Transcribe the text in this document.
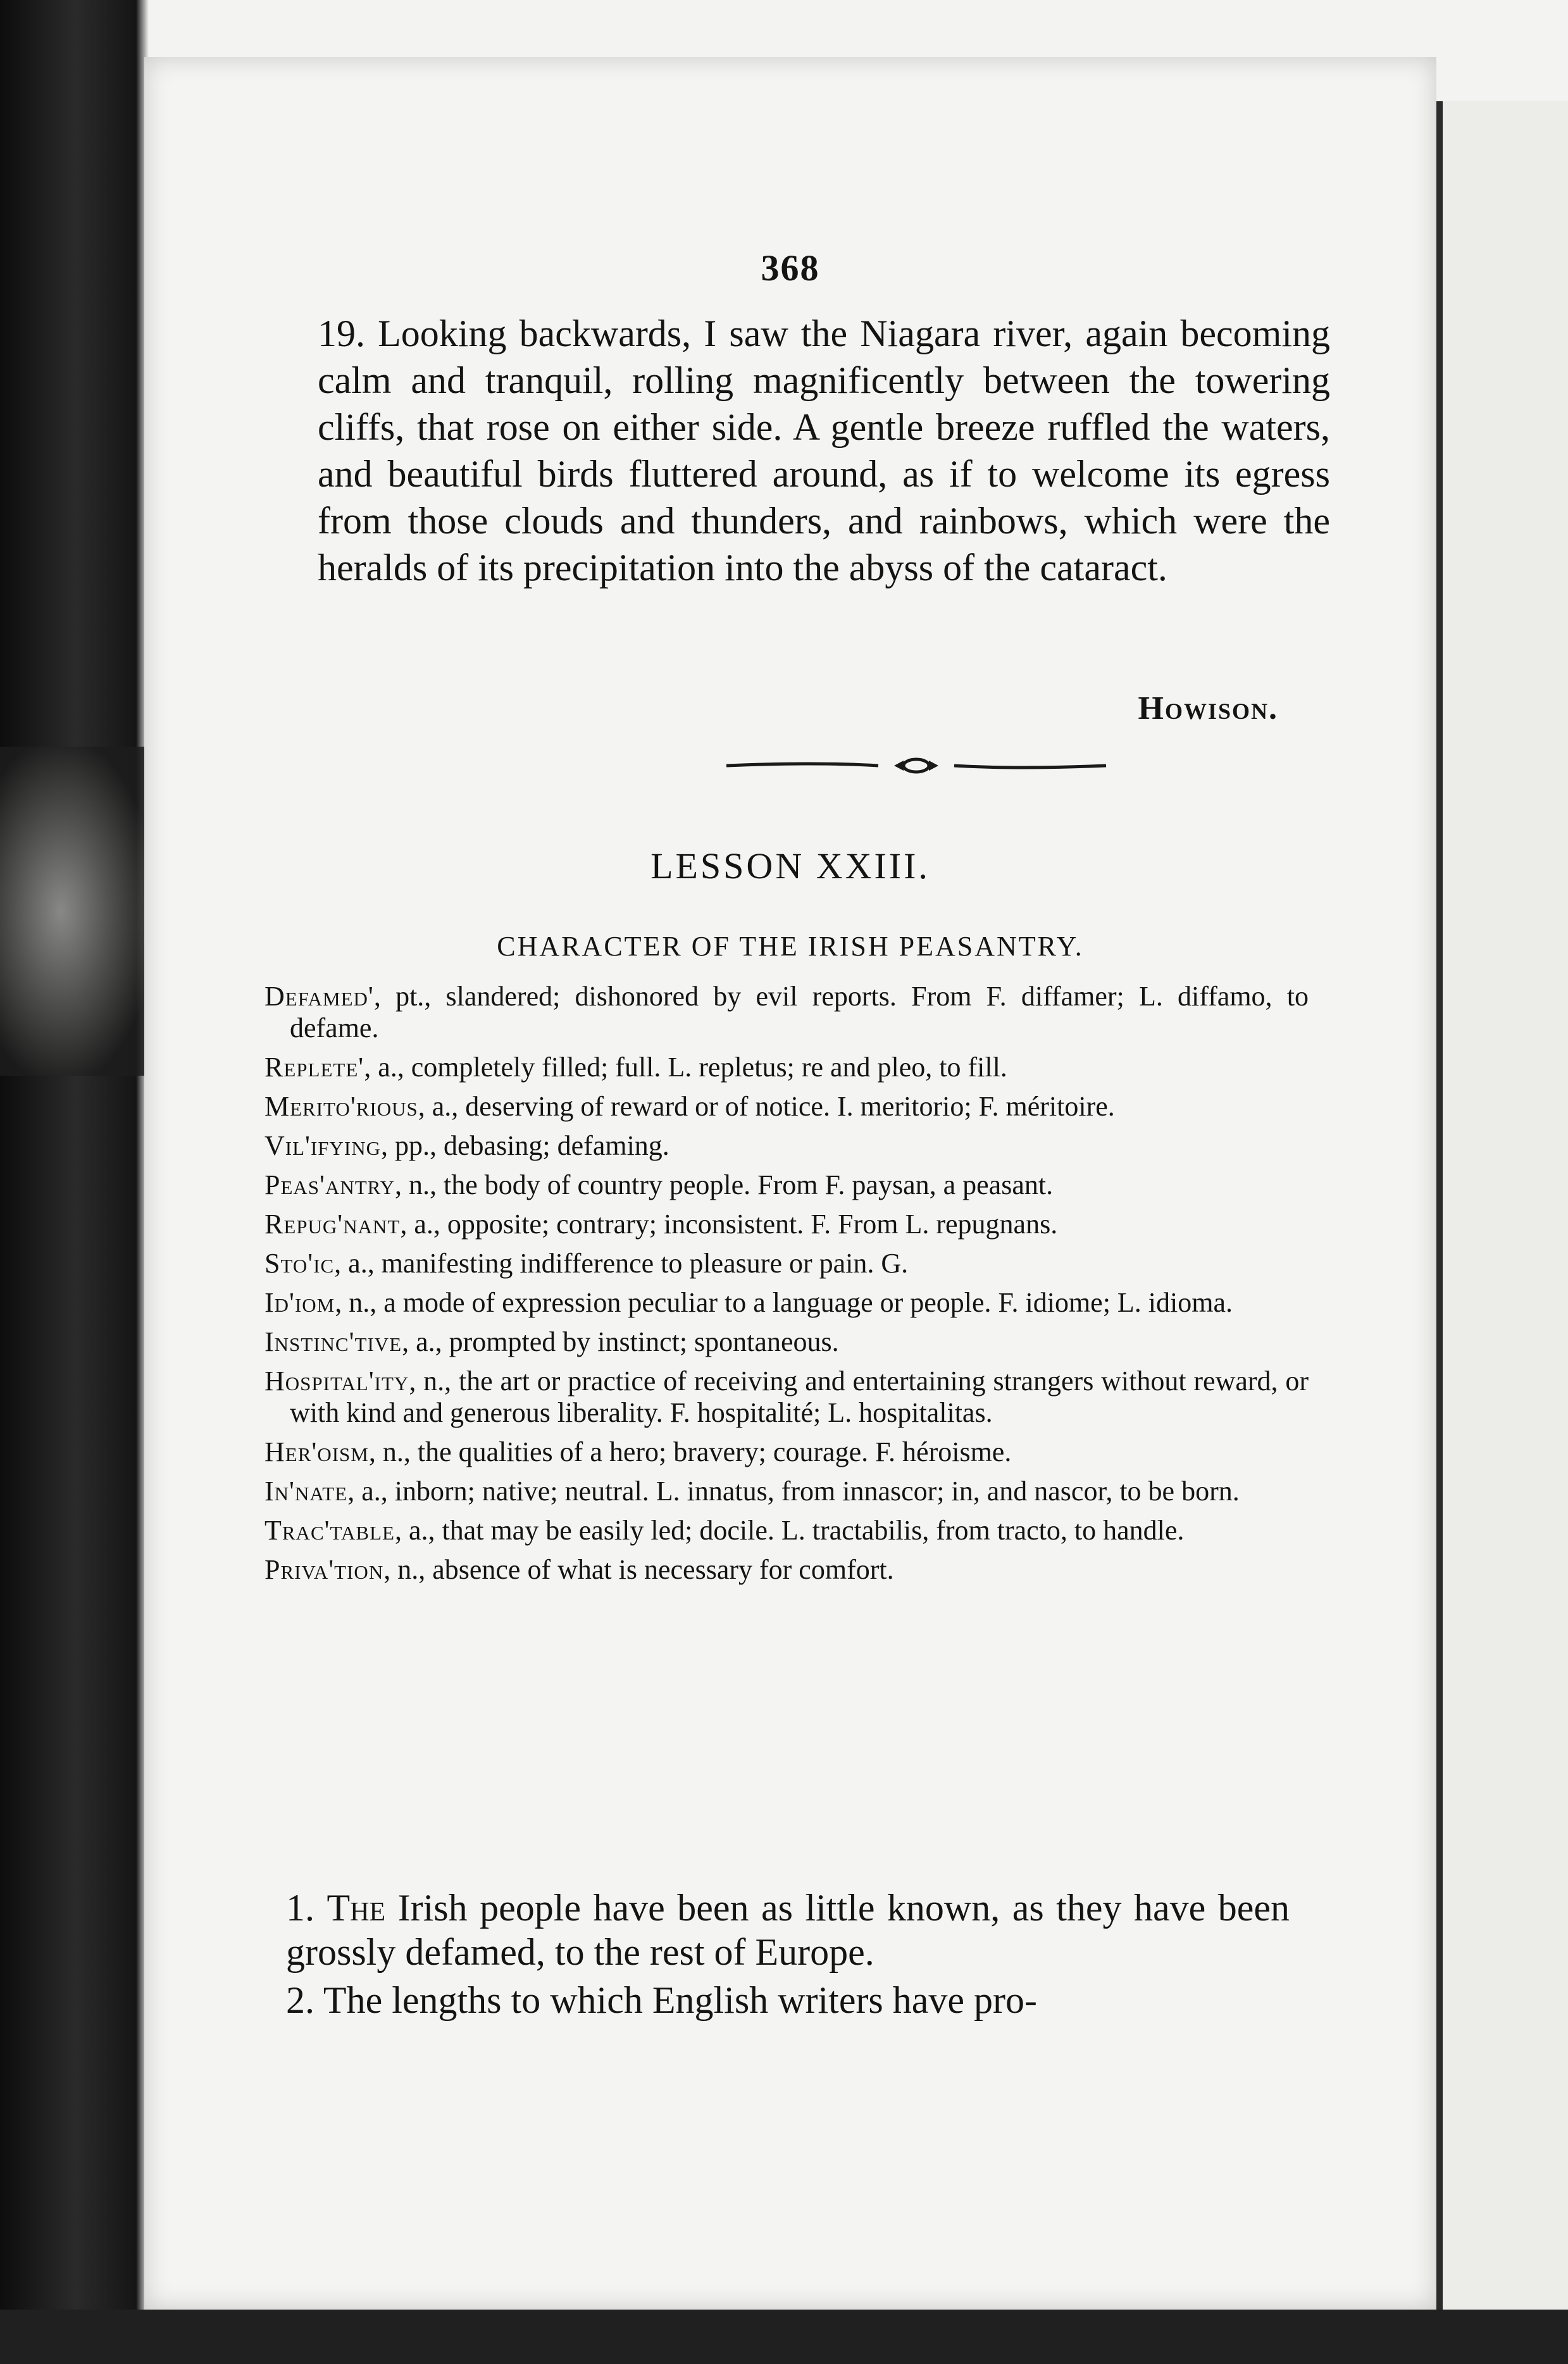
368
19. Looking backwards, I saw the Niagara river, again becoming calm and tranquil, rolling magnificently between the towering cliffs, that rose on either side. A gentle breeze ruffled the waters, and beautiful birds fluttered around, as if to welcome its egress from those clouds and thunders, and rainbows, which were the heralds of its precipitation into the abyss of the cataract.
Howison.
LESSON XXIII.
CHARACTER OF THE IRISH PEASANTRY.
Defamed', pt., slandered; dishonored by evil reports. From F. diffamer; L. diffamo, to defame.
Replete', a., completely filled; full. L. repletus; re and pleo, to fill.
Merito'rious, a., deserving of reward or of notice. I. meritorio; F. méritoire.
Vil'ifying, pp., debasing; defaming.
Peas'antry, n., the body of country people. From F. paysan, a peasant.
Repug'nant, a., opposite; contrary; inconsistent. F. From L. repugnans.
Sto'ic, a., manifesting indifference to pleasure or pain. G.
Id'iom, n., a mode of expression peculiar to a language or people. F. idiome; L. idioma.
Instinc'tive, a., prompted by instinct; spontaneous.
Hospital'ity, n., the art or practice of receiving and entertaining strangers without reward, or with kind and generous liberality. F. hospitalité; L. hospitalitas.
Her'oism, n., the qualities of a hero; bravery; courage. F. héroisme.
In'nate, a., inborn; native; neutral. L. innatus, from innascor; in, and nascor, to be born.
Trac'table, a., that may be easily led; docile. L. tractabilis, from tracto, to handle.
Priva'tion, n., absence of what is necessary for comfort.

1. The Irish people have been as little known, as they have been grossly defamed, to the rest of Europe.

2. The lengths to which English writers have pro-
